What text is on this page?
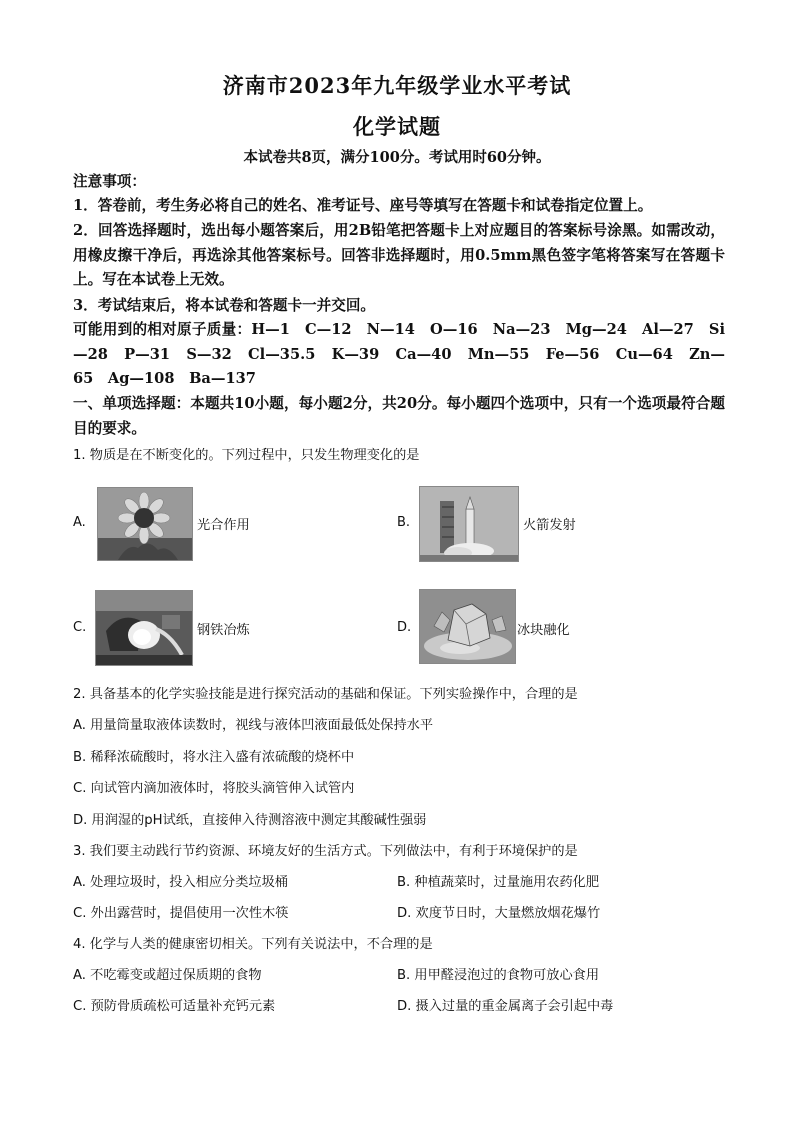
济南市2023年九年级学业水平考试
化学试题
本试卷共8页，满分100分。考试用时60分钟。
注意事项：
1．答卷前，考生务必将自己的姓名、准考证号、座号等填写在答题卡和试卷指定位置上。
2．回答选择题时，选出每小题答案后，用2B铅笔把答题卡上对应题目的答案标号涂黑。如需改动，用橡皮擦干净后，再选涂其他答案标号。回答非选择题时，用0.5mm黑色签字笔将答案写在答题卡上。写在本试卷上无效。
3．考试结束后，将本试卷和答题卡一并交回。
可能用到的相对原子质量：H—1　C—12　N—14　O—16　Na—23　Mg—24　Al—27　Si—28　P—31　S—32　Cl—35.5　K—39　Ca—40　Mn—55　Fe—56　Cu—64　Zn—65　Ag—108　Ba—137
一、单项选择题：本题共10小题，每小题2分，共20分。每小题四个选项中，只有一个选项最符合题目的要求。
1. 物质是在不断变化的。下列过程中，只发生物理变化的是
A.	光合作用	B.	火箭发射
C.	钢铁冶炼	D.	冰块融化
2. 具备基本的化学实验技能是进行探究活动的基础和保证。下列实验操作中，合理的是
A. 用量筒量取液体读数时，视线与液体凹液面最低处保持水平
B. 稀释浓硫酸时，将水注入盛有浓硫酸的烧杯中
C. 向试管内滴加液体时，将胶头滴管伸入试管内
D. 用润湿的pH试纸，直接伸入待测溶液中测定其酸碱性强弱
3. 我们要主动践行节约资源、环境友好的生活方式。下列做法中，有利于环境保护的是
A. 处理垃圾时，投入相应分类垃圾桶	B. 种植蔬菜时，过量施用农药化肥
C. 外出露营时，提倡使用一次性木筷	D. 欢度节日时，大量燃放烟花爆竹
4. 化学与人类的健康密切相关。下列有关说法中，不合理的是
A. 不吃霉变或超过保质期的食物	B. 用甲醛浸泡过的食物可放心食用
C. 预防骨质疏松可适量补充钙元素	D. 摄入过量的重金属离子会引起中毒
